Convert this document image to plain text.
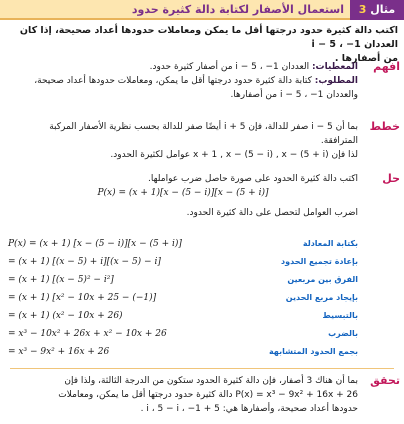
مثال 3
استعمال الأصفار لكتابة دالة كثيرة حدود
اكتب دالة كثيرة حدود درجتها أقل ما يمكن ومعاملات حدودها أعداد صحيحة، إذا كان العددان i − 5 ، −1
من أصفارها .
افهم
المعطيات: العددان i − 5 ، −1 من أصفار كثيرة حدود.
المطلوب: كتابة دالة كثيرة حدود درجتها أقل ما يمكن، ومعاملات حدودها أعداد صحيحة،
والعددان i − 5 ، −1 من أصفارها.
خطط
بما أن i − 5 صفر للدالة، فإن i + 5 أيضًا صفر للدالة بحسب نظرية الأصفار المركبة
المترافقة.
لذا فإن x + 1 , x − (5 − i) , x − (5 + i) عوامل لكثيرة الحدود.
حل
اكتب دالة كثيرة الحدود على صورة حاصل ضرب عواملها.
P(x) = (x + 1)[x − (5 − i)][x − (5 + i)]
اضرب العوامل لتحصل على دالة كثيرة الحدود.
بكتابة المعادلة
P(x) = (x + 1) [x − (5 − i)][x − (5 + i)]
بإعادة تجميع الحدود
= (x + 1) [(x − 5) + i][(x − 5) − i]
الفرق بين مربعين
= (x + 1) [(x − 5)² − i²]
بإيجاد مربع الحدين
= (x + 1) [x² − 10x + 25 − (−1)]
بالتبسيط
= (x + 1) (x² − 10x + 26)
بالضرب
= x³ − 10x² + 26x + x² − 10x + 26
بجمع الحدود المتشابهة
= x³ − 9x² + 16x + 26
تحقق
بما أن هناك 3 أصفار، فإن دالة كثيرة الحدود ستكون من الدرجة الثالثة، ولذا فإن
P(x) = x³ − 9x² + 16x + 26 دالة كثيرة حدود درجتها أقل ما يمكن، ومعاملات
حدودها أعداد صحيحة، وأصفارها هي: 5 + i ، 5 − i ، −1 .
